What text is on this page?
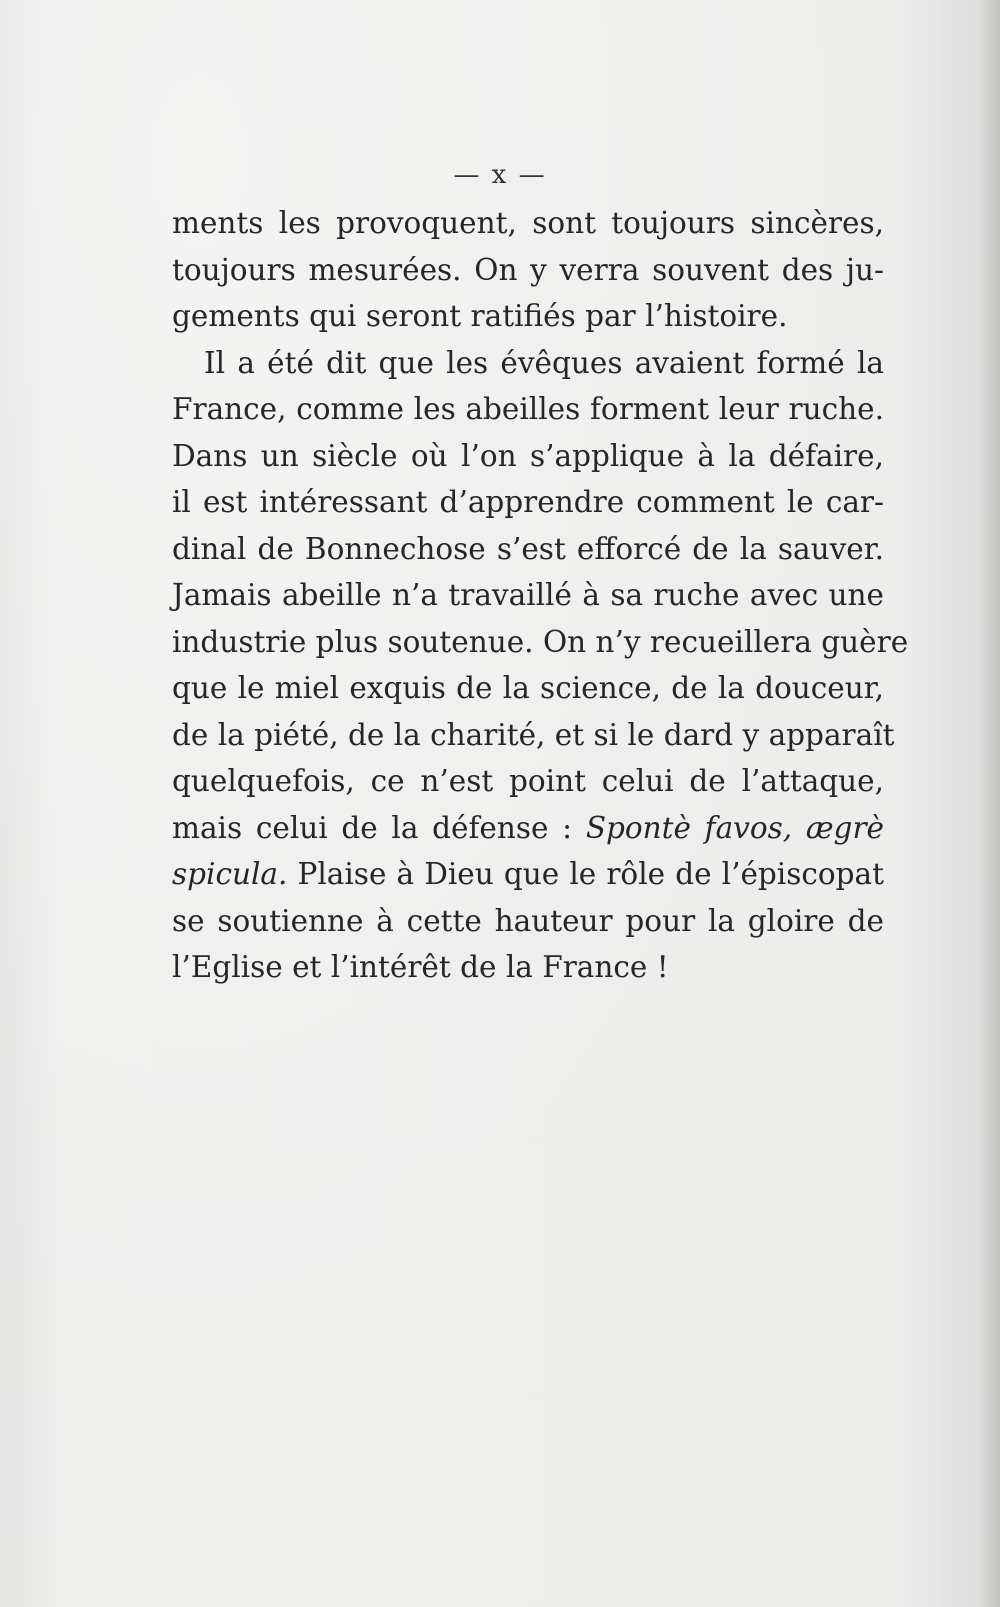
— x —
ments les provoquent, sont toujours sincères,
toujours mesurées. On y verra souvent des ju-
gements qui seront ratifiés par l’histoire.
Il a été dit que les évêques avaient formé la
France, comme les abeilles forment leur ruche.
Dans un siècle où l’on s’applique à la défaire,
il est intéressant d’apprendre comment le car-
dinal de Bonnechose s’est efforcé de la sauver.
Jamais abeille n’a travaillé à sa ruche avec une
industrie plus soutenue. On n’y recueillera guère
que le miel exquis de la science, de la douceur,
de la piété, de la charité, et si le dard y apparaît
quelquefois, ce n’est point celui de l’attaque,
mais celui de la défense : Spontè favos, ægrè
spicula. Plaise à Dieu que le rôle de l’épiscopat
se soutienne à cette hauteur pour la gloire de
l’Eglise et l’intérêt de la France !
